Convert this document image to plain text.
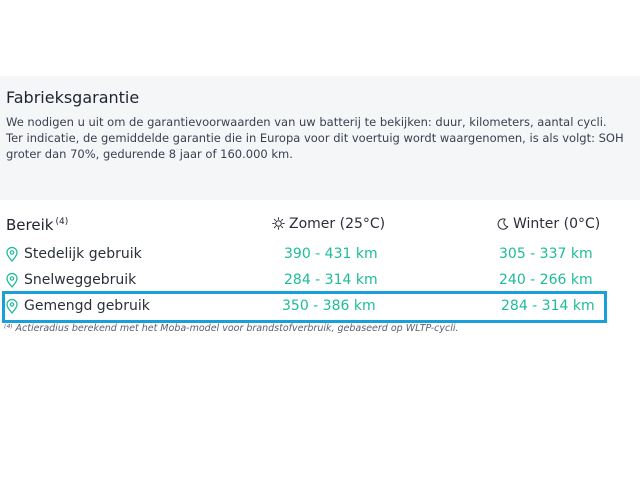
Fabrieksgarantie
We nodigen u uit om de garantievoorwaarden van uw batterij te bekijken: duur, kilometers, aantal cycli. Ter indicatie, de gemiddelde garantie die in Europa voor dit voertuig wordt waargenomen, is als volgt: SOH groter dan 70%, gedurende 8 jaar of 160.000 km.
Bereik $^{(4)}$	Zomer (25°C)	Winter (0°C)
Stedelijk gebruik	390 - 431 km	305 - 337 km
Snelweggebruik	284 - 314 km	240 - 266 km
Gemengd gebruik	350 - 386 km	284 - 314 km
⁽⁴⁾ Actieradius berekend met het Moba-model voor brandstofverbruik, gebaseerd op WLTP-cycli.
